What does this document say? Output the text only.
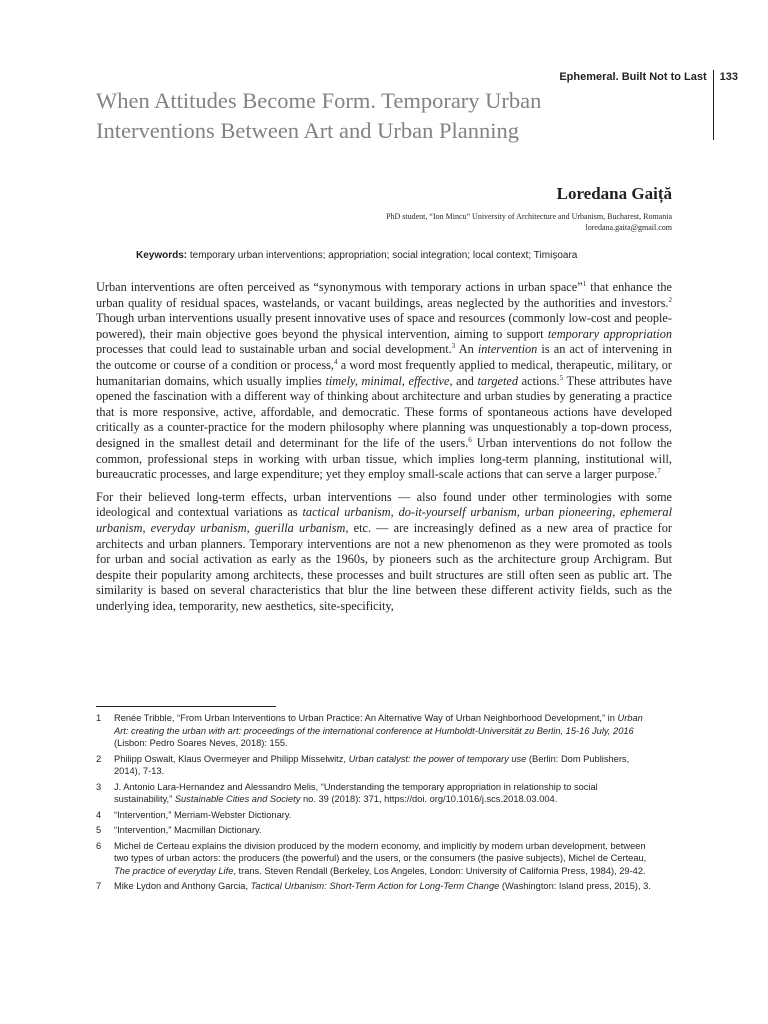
Ephemeral. Built Not to Last 133
When Attitudes Become Form. Temporary Urban Interventions Between Art and Urban Planning
Loredana Gaiță
PhD student, “Ion Mincu” University of Architecture and Urbanism, Bucharest, Romania
loredana.gaita@gmail.com
Keywords: temporary urban interventions; appropriation; social integration; local context; Timișoara

Urban interventions are often perceived as “synonymous with temporary actions in urban space”$^1$ that enhance the urban quality of residual spaces, wastelands, or vacant buildings, areas neglected by the authorities and investors.$^2$ Though urban interventions usually present innovative uses of space and resources (commonly low-cost and people-powered), their main objective goes beyond the physical intervention, aiming to support temporary appropriation processes that could lead to sustainable urban and social development.$^3$ An intervention is an act of intervening in the outcome or course of a condition or process,$^4$ a word most frequently applied to medical, therapeutic, military, or humanitarian domains, which usually implies timely, minimal, effective, and targeted actions.$^5$ These attributes have opened the fascination with a different way of thinking about architecture and urban studies by generating a practice that is more responsive, active, affordable, and democratic. These forms of spontaneous actions have developed critically as a counter-practice for the modern philosophy where planning was unquestionably a top-down process, designed in the smallest detail and determinant for the life of the users.$^6$ Urban interventions do not follow the common, professional steps in working with urban tissue, which implies long-term planning, institutional will, bureaucratic processes, and large expenditure; yet they employ small-scale actions that can serve a larger purpose.$^7$

For their believed long-term effects, urban interventions — also found under other terminologies with some ideological and contextual variations as tactical urbanism, do-it-yourself urbanism, urban pioneering, ephemeral urbanism, everyday urbanism, guerilla urbanism, etc. — are increasingly defined as a new area of practice for architects and urban planners. Temporary interventions are not a new phenomenon as they were promoted as tools for urban and social activation as early as the 1960s, by pioneers such as the architecture group Archigram. But despite their popularity among architects, these processes and built structures are still often seen as public art. The similarity is based on several characteristics that blur the line between these different activity fields, such as the underlying idea, temporarity, new aesthetics, site-specificity,

1	Renée Tribble, “From Urban Interventions to Urban Practice: An Alternative Way of Urban Neighborhood Development,” in Urban Art: creating the urban with art: proceedings of the international conference at Humboldt-Universität zu Berlin, 15-16 July, 2016 (Lisbon: Pedro Soares Neves, 2018): 155.
2	Philipp Oswalt, Klaus Overmeyer and Philipp Misselwitz, Urban catalyst: the power of temporary use (Berlin: Dom Publishers, 2014), 7-13.
3	J. Antonio Lara-Hernandez and Alessandro Melis, “Understanding the temporary appropriation in relationship to social sustainability,” Sustainable Cities and Society no. 39 (2018): 371, https://doi. org/10.1016/j.scs.2018.03.004.
4	“Intervention,” Merriam-Webster Dictionary.
5	“Intervention,” Macmillan Dictionary.
6	Michel de Certeau explains the division produced by the modern economy, and implicitly by modern urban development, between two types of urban actors: the producers (the powerful) and the users, or the consumers (the pasive subjects), Michel de Certeau, The practice of everyday Life, trans. Steven Rendall (Berkeley, Los Angeles, London: University of California Press, 1984), 29-42.
7	Mike Lydon and Anthony Garcia, Tactical Urbanism: Short-Term Action for Long-Term Change (Washington: Island press, 2015), 3.
